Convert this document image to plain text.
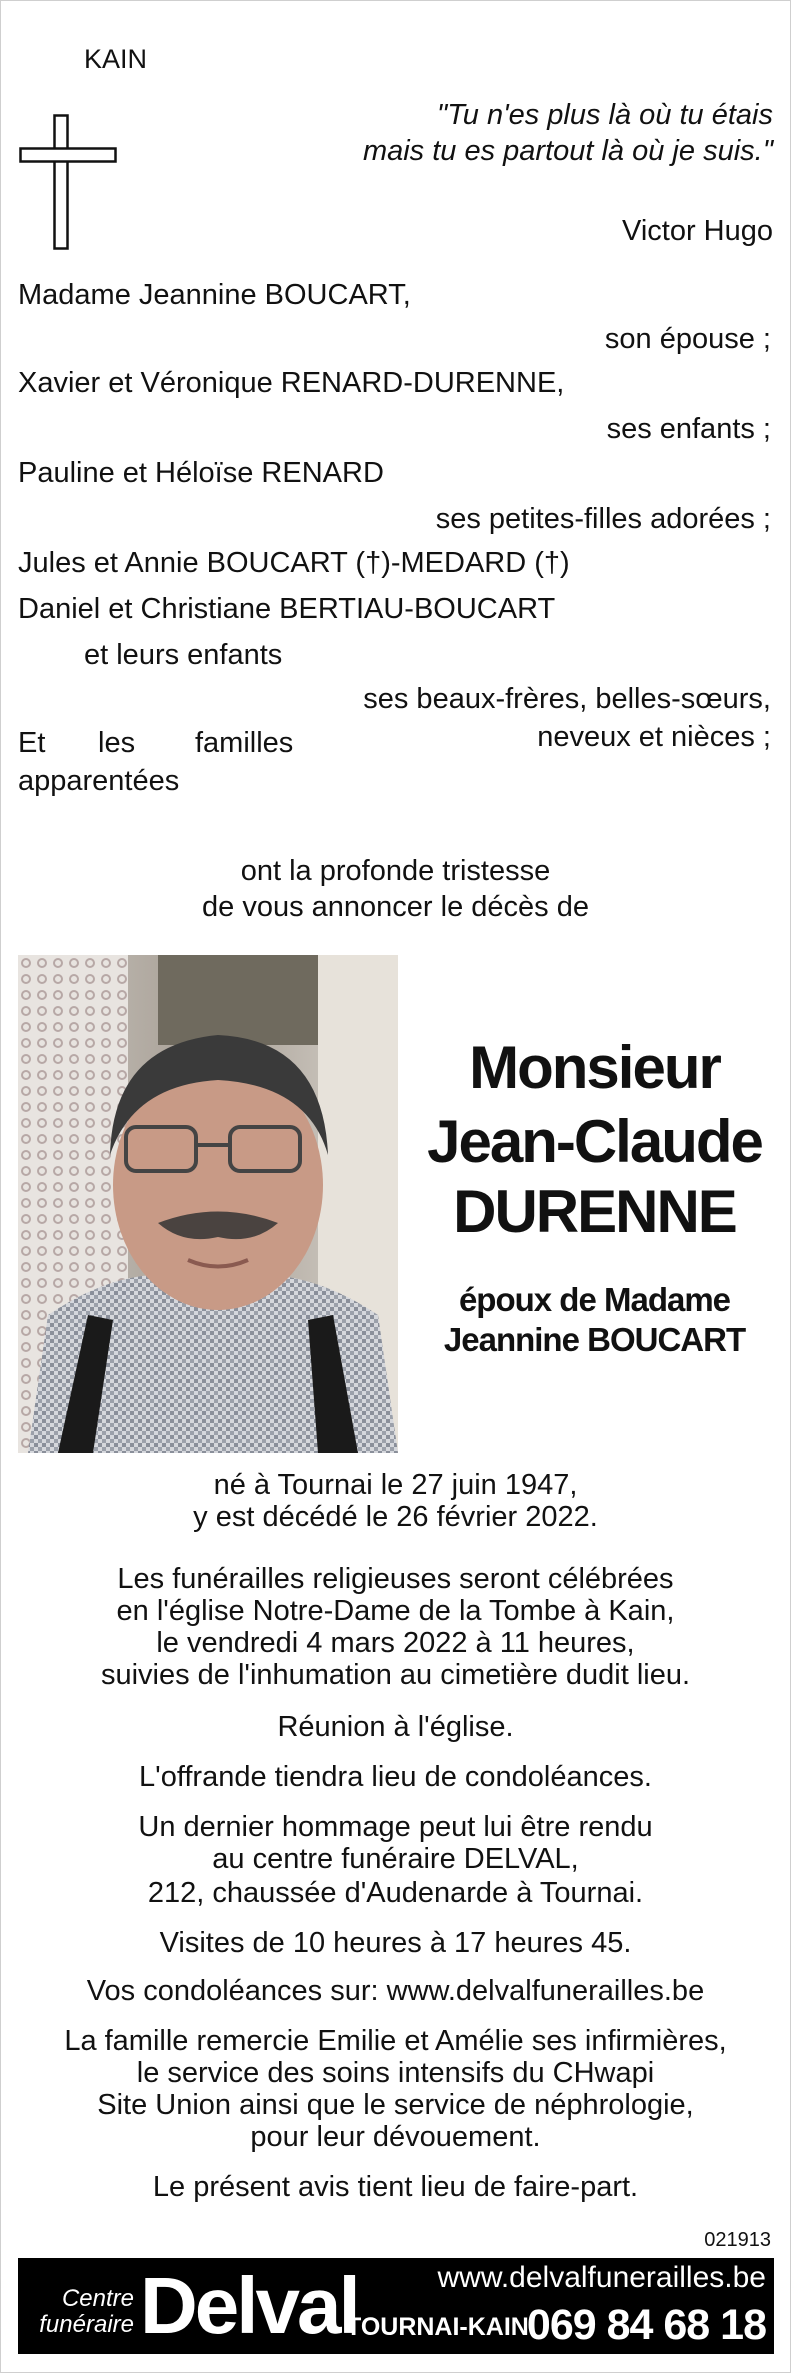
KAIN

"Tu n'es plus là où tu étais

mais tu es partout là où je suis."

Victor Hugo

Madame Jeannine BOUCART,

son épouse ;

Xavier et Véronique RENARD-DURENNE,

ses enfants ;

Pauline et Héloïse RENARD

ses petites-filles adorées ;

Jules et Annie BOUCART (†)-MEDARD (†)

Daniel et Christiane BERTIAU-BOUCART

et leurs enfants

ses beaux-frères, belles-sœurs,

Et les familles	neveux et nièces ;

apparentées

ont la profonde tristesse

de vous annoncer le décès de

Monsieur

Jean-Claude

DURENNE

époux de Madame

Jeannine BOUCART

né à Tournai le 27 juin 1947,

y est décédé le 26 février 2022.

Les funérailles religieuses seront célébrées

en l'église Notre-Dame de la Tombe à Kain,

le vendredi 4 mars 2022 à 11 heures,

suivies de l'inhumation au cimetière dudit lieu.

Réunion à l'église.

L'offrande tiendra lieu de condoléances.

Un dernier hommage peut lui être rendu

au centre funéraire DELVAL,

212, chaussée d'Audenarde à Tournai.

Visites de 10 heures à 17 heures 45.

Vos condoléances sur: www.delvalfunerailles.be

La famille remercie Emilie et Amélie ses infirmières,

le service des soins intensifs du CHwapi

Site Union ainsi que le service de néphrologie,

pour leur dévouement.

Le présent avis tient lieu de faire-part.

021913
Centre
funéraire Delval	www.delvalfunerailles.be
TOURNAI-KAIN
069 84 68 18
